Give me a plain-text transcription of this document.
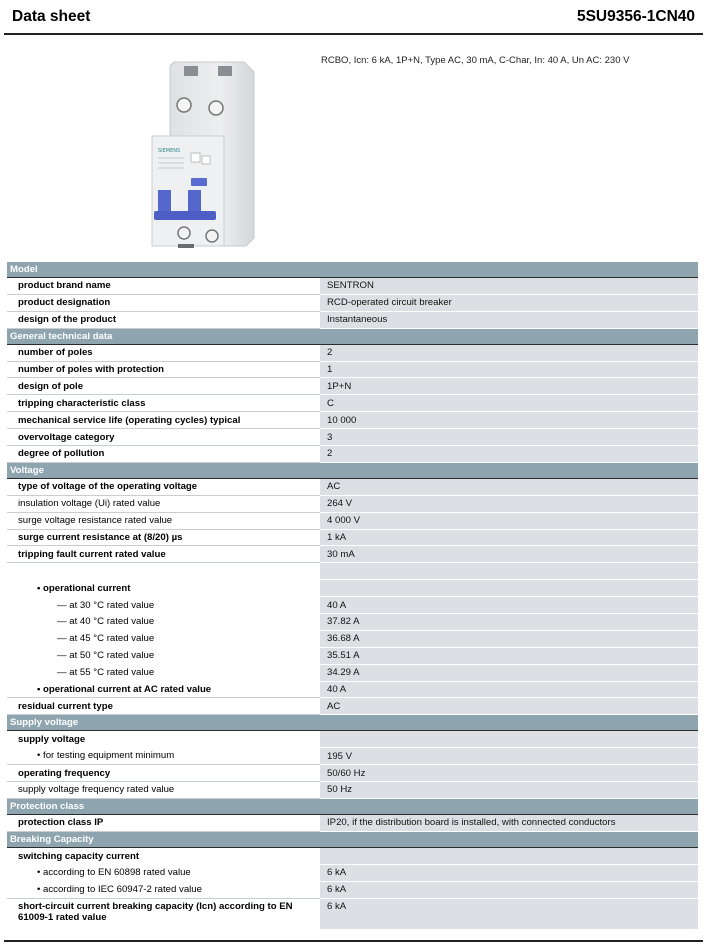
Data sheet	5SU9356-1CN40
SIEMENS
RCBO, Icn: 6 kA, 1P+N, Type AC, 30 mA, C-Char, In: 40 A, Un AC: 230 V
Model	
product brand name	SENTRON
product designation	RCD-operated circuit breaker
design of the product	Instantaneous
General technical data	
number of poles	2
number of poles with protection	1
design of pole	1P+N
tripping characteristic class	C
mechanical service life (operating cycles) typical	10 000
overvoltage category	3
degree of pollution	2
Voltage	
type of voltage of the operating voltage	AC
insulation voltage (Ui) rated value	264 V
surge voltage resistance rated value	4 000 V
surge current resistance at (8/20) µs	1 kA
tripping fault current rated value	30 mA

• operational current	
— at 30 °C rated value	40 A
— at 40 °C rated value	37.82 A
— at 45 °C rated value	36.68 A
— at 50 °C rated value	35.51 A
— at 55 °C rated value	34.29 A
• operational current at AC rated value	40 A
residual current type	AC
Supply voltage	
supply voltage	
• for testing equipment minimum	195 V
operating frequency	50/60 Hz
supply voltage frequency rated value	50 Hz
Protection class	
protection class IP	IP20, if the distribution board is installed, with connected conductors
Breaking Capacity	
switching capacity current	
• according to EN 60898 rated value	6 kA
• according to IEC 60947-2 rated value	6 kA
short-circuit current breaking capacity (Icn) according to EN 61009-1 rated value	6 kA
